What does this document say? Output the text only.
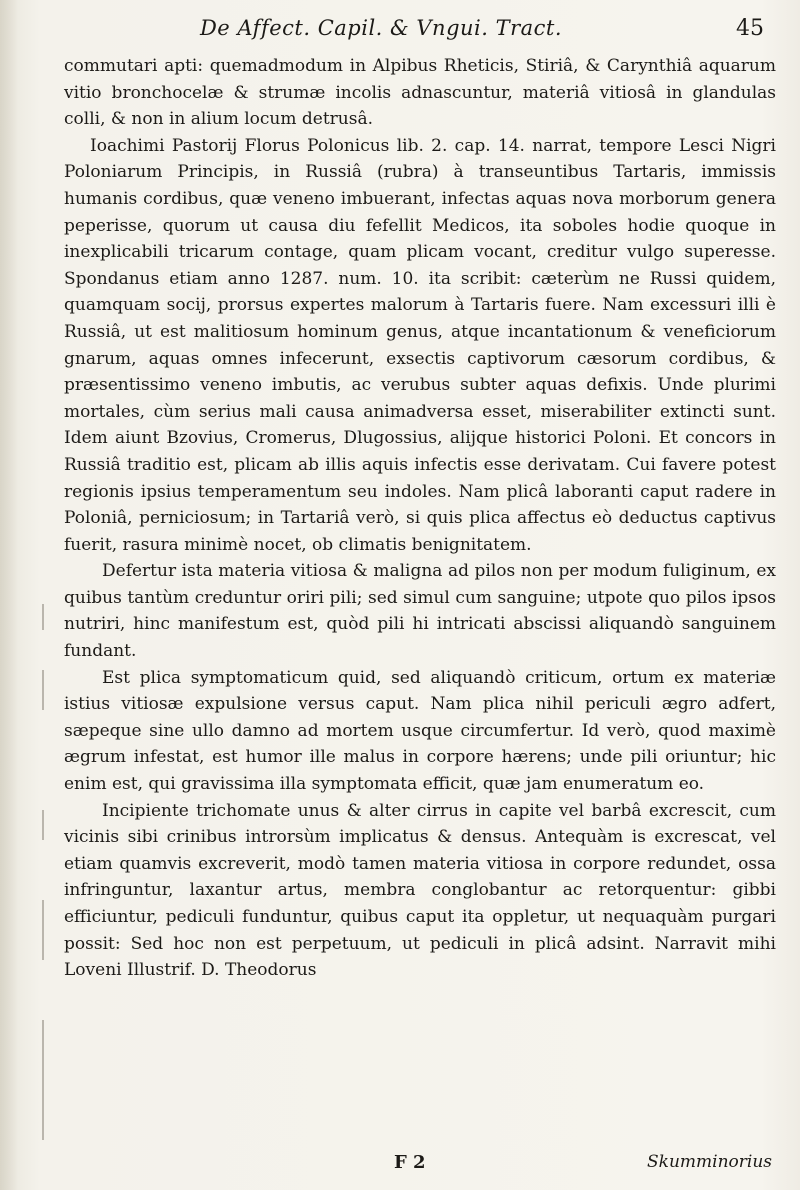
De Affect. Capil. & Vngui. Tract.	45

commutari apti: quemadmodum in Alpibus Rheticis, Stiriâ, & Carynthiâ aquarum vitio bronchocelæ & strumæ incolis adnascuntur, materiâ vitiosâ in glandulas colli, & non in alium locum detrusâ.

Ioachimi Pastorij Florus Polonicus lib. 2. cap. 14. narrat, tempore Lesci Nigri Poloniarum Principis, in Russiâ (rubra) à transeuntibus Tartaris, immissis humanis cordibus, quæ veneno imbuerant, infectas aquas nova morborum genera peperisse, quorum ut causa diu fefellit Medicos, ita soboles hodie quoque in inexplicabili tricarum contage, quam plicam vocant, creditur vulgo superesse. Spondanus etiam anno 1287. num. 10. ita scribit: cæterùm ne Russi quidem, quamquam socij, prorsus expertes malorum à Tartaris fuere. Nam excessuri illi è Russiâ, ut est malitiosum hominum genus, atque incantationum & veneficiorum gnarum, aquas omnes infecerunt, exsectis captivorum cæsorum cordibus, & præsentissimo veneno imbutis, ac verubus subter aquas defixis. Unde plurimi mortales, cùm serius mali causa animadversa esset, miserabiliter extincti sunt. Idem aiunt Bzovius, Cromerus, Dlugossius, alijque historici Poloni. Et concors in Russiâ traditio est, plicam ab illis aquis infectis esse derivatam. Cui favere potest regionis ipsius temperamentum seu indoles. Nam plicâ laboranti caput radere in Poloniâ, perniciosum; in Tartariâ verò, si quis plica affectus eò deductus captivus fuerit, rasura minimè nocet, ob climatis benignitatem.

Defertur ista materia vitiosa & maligna ad pilos non per modum fuliginum, ex quibus tantùm creduntur oriri pili; sed simul cum sanguine; utpote quo pilos ipsos nutriri, hinc manifestum est, quòd pili hi intricati abscissi aliquandò sanguinem fundant.

Est plica symptomaticum quid, sed aliquandò criticum, ortum ex materiæ istius vitiosæ expulsione versus caput. Nam plica nihil periculi ægro adfert, sæpeque sine ullo damno ad mortem usque circumfertur. Id verò, quod maximè ægrum infestat, est humor ille malus in corpore hærens; unde pili oriuntur; hic enim est, qui gravissima illa symptomata efficit, quæ jam enumeratum eo.

Incipiente trichomate unus & alter cirrus in capite vel barbâ excrescit, cum vicinis sibi crinibus introrsùm implicatus & densus. Antequàm is excrescat, vel etiam quamvis excreverit, modò tamen materia vitiosa in corpore redundet, ossa infringuntur, laxantur artus, membra conglobantur ac retorquentur: gibbi efficiuntur, pediculi funduntur, quibus caput ita oppletur, ut nequaquàm purgari possit: Sed hoc non est perpetuum, ut pediculi in plicâ adsint. Narravit mihi Loveni Illustrif. D. Theodorus

F 2	Skumminorius
